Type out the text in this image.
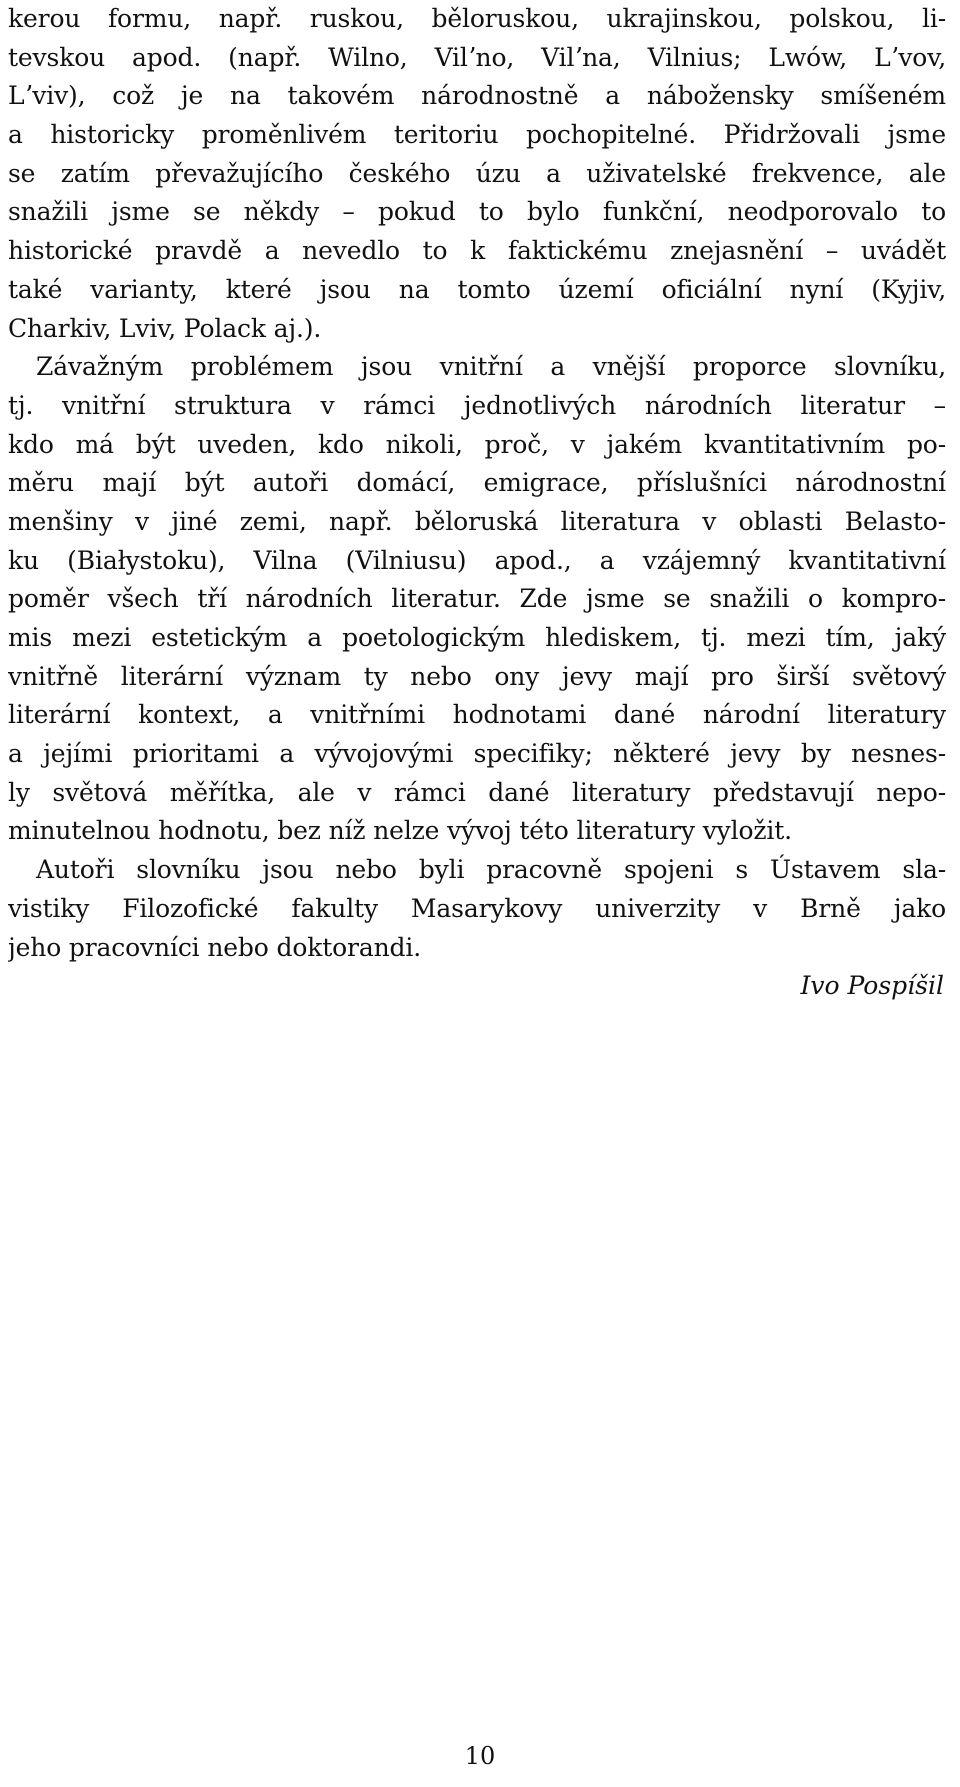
kerou formu, např. ruskou, běloruskou, ukrajinskou, polskou, li-
tevskou apod. (např. Wilno, Vilʼno, Vilʼna, Vilnius; Lwów, Lʼvov,
Lʼviv), což je na takovém národnostně a nábožensky smíšeném
a historicky proměnlivém teritoriu pochopitelné. Přidržovali jsme
se zatím převažujícího českého úzu a uživatelské frekvence, ale
snažili jsme se někdy – pokud to bylo funkční, neodporovalo to
historické pravdě a nevedlo to k faktickému znejasnění – uvádět
také varianty, které jsou na tomto území oficiální nyní (Kyjiv,
Charkiv, Lviv, Polack aj.).
Závažným problémem jsou vnitřní a vnější proporce slovníku,
tj. vnitřní struktura v rámci jednotlivých národních literatur –
kdo má být uveden, kdo nikoli, proč, v jakém kvantitativním po-
měru mají být autoři domácí, emigrace, příslušníci národnostní
menšiny v jiné zemi, např. běloruská literatura v oblasti Belasto-
ku (Białystoku), Vilna (Vilniusu) apod., a vzájemný kvantitativní
poměr všech tří národních literatur. Zde jsme se snažili o kompro-
mis mezi estetickým a poetologickým hlediskem, tj. mezi tím, jaký
vnitřně literární význam ty nebo ony jevy mají pro širší světový
literární kontext, a vnitřními hodnotami dané národní literatury
a jejími prioritami a vývojovými specifiky; některé jevy by nesnes-
ly světová měřítka, ale v rámci dané literatury představují nepo-
minutelnou hodnotu, bez níž nelze vývoj této literatury vyložit.
Autoři slovníku jsou nebo byli pracovně spojeni s Ústavem sla-
vistiky Filozofické fakulty Masarykovy univerzity v Brně jako
jeho pracovníci nebo doktorandi.
Ivo Pospíšil
10
